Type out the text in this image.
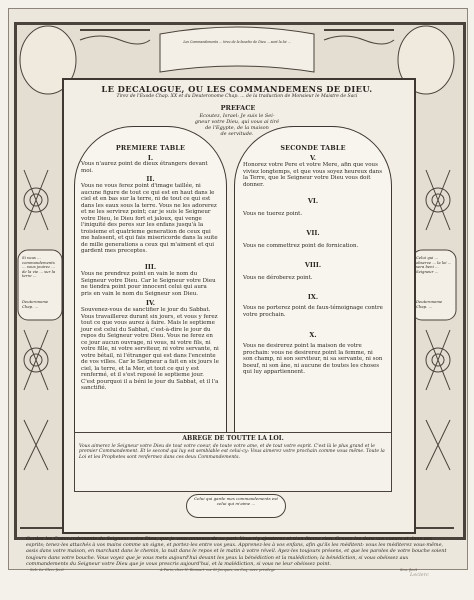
Les Commandements ... tirez de la bouche de Dieu ... sont la loi ...
LE DECALOGUE, OU LES COMMANDEMENS DE DIEU.
Tirez de l'Exode Chap. XX et du Deuteronome Chap. ... de la traduction de Monsieur le Maistre de Saci
PREFACE
Ecoutez, Israel: Je suis le Sei-
gneur votre Dieu, qui vous ai tiré
de l'Egypte, de la maison
de servitude.
PREMIERE TABLE
I.
Vous n'aurez point de dieux étrangers devant moi.
II.
Vous ne vous ferez point d'image taillée, ni aucune figure de tout ce qui est en haut dans le ciel et en bas sur la terre, ni de tout ce qui est dans les eaux sous la terre. Vous ne les adorerez et ne les servirez point; car je suis le Seigneur votre Dieu, le Dieu fort et jaloux, qui venge l'iniquité des peres sur les enfans jusqu'à la troisieme et quatrieme generation de ceux qui me haïssent, et qui fais misericorde dans la suite de mille generations a ceux qui m'aiment et qui gardent mes preceptes.
III.
Vous ne prendrez point en vain le nom du Seigneur votre Dieu. Car le Seigneur votre Dieu ne tiendra point pour innocent celui qui aura pris en vain le nom du Seigneur son Dieu.
IV.
Souvenez-vous de sanctifier le jour du Sabbat. Vous travaillerez durant six jours, et vous y ferez tout ce que vous aurez à faire. Mais le septieme jour est celui du Sabbat, c'est-à-dire le jour du repos du Seigneur votre Dieu. Vous ne ferez en ce jour aucun ouvrage, ni vous, ni votre fils, ni votre fille, ni votre serviteur, ni votre servante, ni votre bétail, ni l'étranger qui est dans l'enceinte de vos villes. Car le Seigneur a fait en six jours le ciel, la terre, et la Mer, et tout ce qui y est renfermé, et il s'est reposé le septieme jour. C'est pourquoi il a béni le jour du Sabbat, et il l'a sanctifié.
SECONDE TABLE
V.
Honorez votre Pere et votre Mere, afin que vous viviez longtemps, et que vous soyez heureux dans la Terre, que le Seigneur votre Dieu vous doit donner.
VI.
Vous ne tuerez point.
VII.
Vous ne commettrez point de fornication.
VIII.
Vous ne déroberez point.
IX.
Vous ne porterez point de faux-témoignage contre votre prochain.
X.
Vous ne desirerez point la maison de votre prochain: vous ne desirerez point la femme, ni son champ, ni son serviteur, ni sa servante, ni son boeuf, ni son âne, ni aucune de toutes les choses qui luy appartiennent.
ABREGE DE TOUTTE LA LOI.
Vous aimerez le Seigneur votre Dieu de tout votre coeur, de toute votre ame, et de tout votre esprit. C'est là le plus grand et le premier Commandement. Et le second qui luy est semblable est celui-cy: Vous aimerez votre prochain comme vous même. Toute la Loi et les Prophetes sont renfermez dans ces deux Commandements.
Celui qui garde mes commandements est celui qui m'aime ...
Si vous ... commandements ... vous jouirez ... de la vie ... sur la terre ...
Celui qui ... observe ... la loi ... sera beni ... Seigneur ...
Deuteronome Chap. ...
Deuteronome Chap. ...
Gardez les Commandements du Seigneur votre Dieu, que je vous annonce de sa part. Vous n'y ajouterez et n'en ôterez rien. Gravez-les dans vos coeurs et dans vos esprits; tenez-les attachés à vos mains comme un signe, et portez-les entre vos yeux. Apprenez-les à vos enfans, afin qu'ils les méditent: vous les méditerez vous-même, assis dans votre maison, en marchant dans le chemin, la nuit dans le repos et le matin à votre réveil. Ayez-les toujours présens, et que les paroles de votre bouche soient toujours dans votre bouche. Vous voyez que je vous mets aujourd'hui devant les yeux la bénédiction et la malédiction; la bénédiction, si vous obéissez aux commandements du Seigneur votre Dieu que je vous prescris aujourd'hui, et la malédiction, si vous ne leur obéissez point.
Seb. Le Clerc fecit	A Paris, chez N. Bonnart rue St Jacques, au Coq, avec privilege	Scu. fecit
Leclerc
